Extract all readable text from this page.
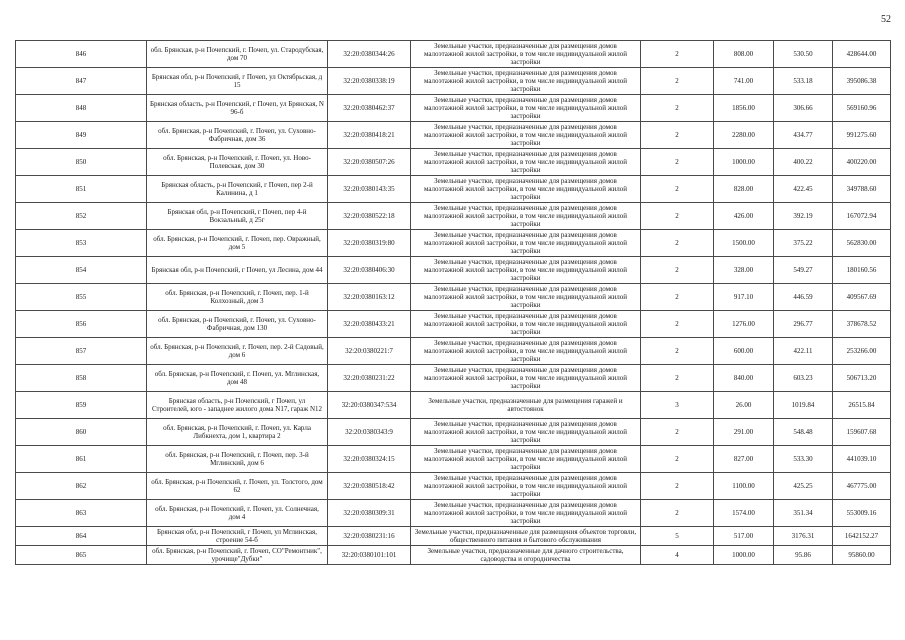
52
846	обл. Брянская, р-н Почепский, г. Почеп, ул. Стародубская, дом 70	32:20:0380344:26	Земельные участки, предназначенные для размещения домов малоэтажной жилой застройки, в том числе индивидуальной жилой застройки	2	808.00	530.50	428644.00
847	Брянская обл, р-н Почепский, г Почеп, ул Октябрьская, д 15	32:20:0380338:19	Земельные участки, предназначенные для размещения домов малоэтажной жилой застройки, в том числе индивидуальной жилой застройки	2	741.00	533.18	395086.38
848	Брянская область, р-н Почепский, г Почеп, ул Брянская, N 96-б	32:20:0380462:37	Земельные участки, предназначенные для размещения домов малоэтажной жилой застройки, в том числе индивидуальной жилой застройки	2	1856.00	306.66	569160.96
849	обл. Брянская, р-н Почепский, г. Почеп, ул. Суховно-Фабричная, дом 36	32:20:0380418:21	Земельные участки, предназначенные для размещения домов малоэтажной жилой застройки, в том числе индивидуальной жилой застройки	2	2280.00	434.77	991275.60
850	обл. Брянская, р-н Почепский, г. Почеп, ул. Ново-Полевская, дом 30	32:20:0380507:26	Земельные участки, предназначенные для размещения домов малоэтажной жилой застройки, в том числе индивидуальной жилой застройки	2	1000.00	400.22	400220.00
851	Брянская область, р-н Почепский, г Почеп, пер 2-й Калинина, д 1	32:20:0380143:35	Земельные участки, предназначенные для размещения домов малоэтажной жилой застройки, в том числе индивидуальной жилой застройки	2	828.00	422.45	349788.60
852	Брянская обл, р-н Почепский, г Почеп, пер 4-й Вокзальный, д 25г	32:20:0380522:18	Земельные участки, предназначенные для размещения домов малоэтажной жилой застройки, в том числе индивидуальной жилой застройки	2	426.00	392.19	167072.94
853	обл. Брянская, р-н Почепский, г. Почеп, пер. Овражный, дом 5	32:20:0380319:80	Земельные участки, предназначенные для размещения домов малоэтажной жилой застройки, в том числе индивидуальной жилой застройки	2	1500.00	375.22	562830.00
854	Брянская обл, р-н Почепский, г Почеп, ул Лесина, дом 44	32:20:0380406:30	Земельные участки, предназначенные для размещения домов малоэтажной жилой застройки, в том числе индивидуальной жилой застройки	2	328.00	549.27	180160.56
855	обл. Брянская, р-н Почепский, г. Почеп, пер. 1-й Колхозный, дом 3	32:20:0380163:12	Земельные участки, предназначенные для размещения домов малоэтажной жилой застройки, в том числе индивидуальной жилой застройки	2	917.10	446.59	409567.69
856	обл. Брянская, р-н Почепский, г. Почеп, ул. Суховно-Фабричная, дом 130	32:20:0380433:21	Земельные участки, предназначенные для размещения домов малоэтажной жилой застройки, в том числе индивидуальной жилой застройки	2	1276.00	296.77	378678.52
857	обл. Брянская, р-н Почепский, г. Почеп, пер. 2-й Садовый, дом 6	32:20:0380221:7	Земельные участки, предназначенные для размещения домов малоэтажной жилой застройки, в том числе индивидуальной жилой застройки	2	600.00	422.11	253266.00
858	обл. Брянская, р-н Почепский, г. Почеп, ул. Мглинская, дом 48	32:20:0380231:22	Земельные участки, предназначенные для размещения домов малоэтажной жилой застройки, в том числе индивидуальной жилой застройки	2	840.00	603.23	506713.20
859	Брянская область, р-н Почепский, г Почеп, ул Строителей, юго - западнее жилого дома N17, гараж N12	32:20:0380347:534	Земельные участки, предназначенные для размещения гаражей и автостоянок	3	26.00	1019.84	26515.84
860	обл. Брянская, р-н Почепский, г. Почеп, ул. Карла Либкнехта, дом 1, квартира 2	32:20:0380343:9	Земельные участки, предназначенные для размещения домов малоэтажной жилой застройки, в том числе индивидуальной жилой застройки	2	291.00	548.48	159607.68
861	обл. Брянская, р-н Почепский, г. Почеп, пер. 3-й Мглинский, дом 6	32:20:0380324:15	Земельные участки, предназначенные для размещения домов малоэтажной жилой застройки, в том числе индивидуальной жилой застройки	2	827.00	533.30	441039.10
862	обл. Брянская, р-н Почепский, г. Почеп, ул. Толстого, дом 62	32:20:0380518:42	Земельные участки, предназначенные для размещения домов малоэтажной жилой застройки, в том числе индивидуальной жилой застройки	2	1100.00	425.25	467775.00
863	обл. Брянская, р-н Почепский, г. Почеп, ул. Солнечная, дом 4	32:20:0380309:31	Земельные участки, предназначенные для размещения домов малоэтажной жилой застройки, в том числе индивидуальной жилой застройки	2	1574.00	351.34	553009.16
864	Брянская обл, р-н Почепский, г Почеп, ул Мглинская, строение 54-б	32:20:0380231:16	Земельные участки, предназначенные для размещения объектов торговли, общественного питания и бытового обслуживания	5	517.00	3176.31	1642152.27
865	обл. Брянская, р-н Почепский, г. Почеп, СО"Ремонтник", урочище"Дубки"	32:20:0380101:101	Земельные участки, предназначенные для дачного строительства, садоводства и огородничества	4	1000.00	95.86	95860.00
